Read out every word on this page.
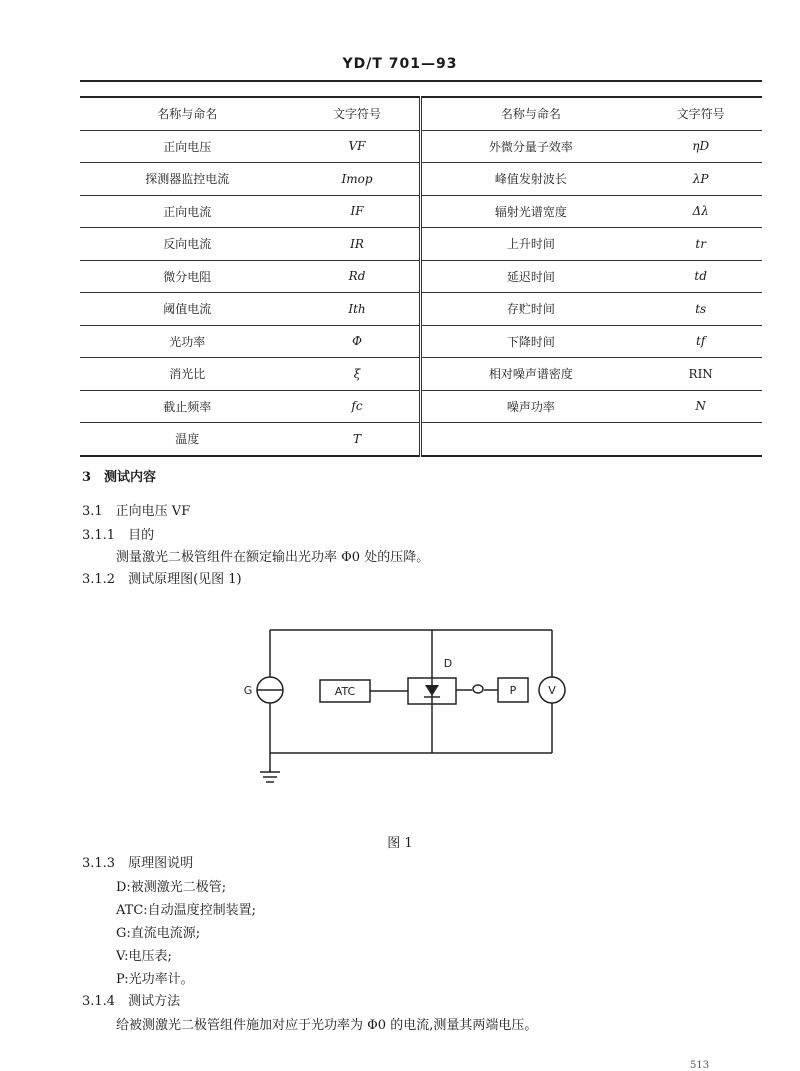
YD/T 701—93
名称与命名	文字符号	名称与命名	文字符号
正向电压	VF	外微分量子效率	ηD
探测器监控电流	Imop	峰值发射波长	λP
正向电流	IF	辐射光谱宽度	Δλ
反向电流	IR	上升时间	tr
微分电阻	Rd	延迟时间	td
阈值电流	Ith	存贮时间	ts
光功率	Φ	下降时间	tf
消光比	ξ	相对噪声谱密度	RIN
截止频率	fc	噪声功率	N
温度	T		
3　测试内容
3.1　正向电压 VF
3.1.1　目的
测量激光二极管组件在额定输出光功率 Φ0 处的压降。
3.1.2　测试原理图(见图 1)
G	ATC
D
P	V
图 1
3.1.3　原理图说明
D:被测激光二极管;
ATC:自动温度控制装置;
G:直流电流源;
V:电压表;
P:光功率计。
3.1.4　测试方法
给被测激光二极管组件施加对应于光功率为 Φ0 的电流,测量其两端电压。
513
